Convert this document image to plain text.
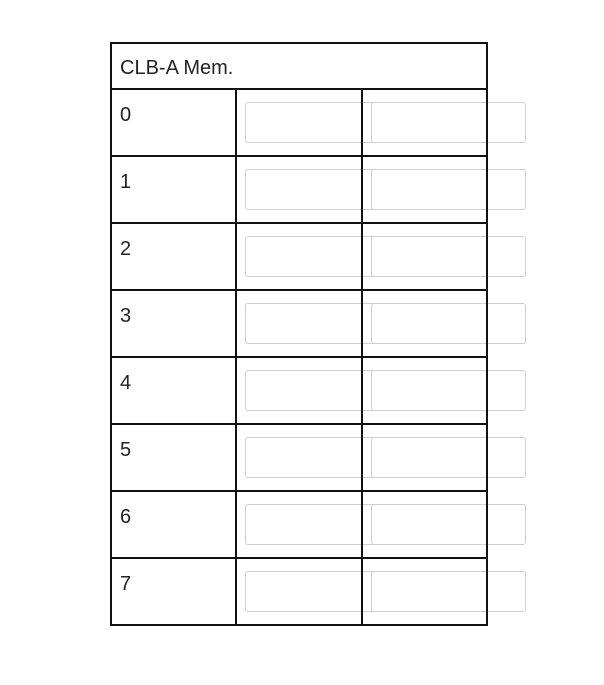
CLB-A Mem.		
0	

1	

2	

3	

4	

5	

6	

7	
